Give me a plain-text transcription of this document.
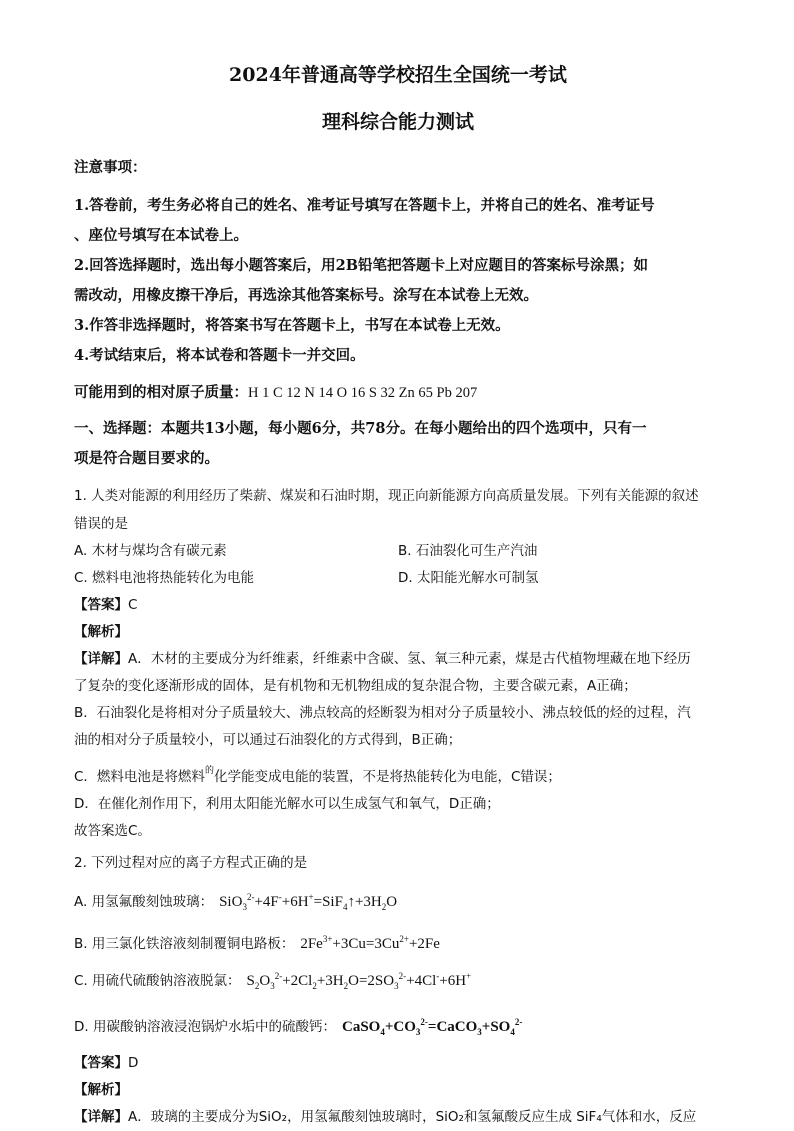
2024年普通高等学校招生全国统一考试
理科综合能力测试
注意事项：
1.答卷前，考生务必将自己的姓名、准考证号填写在答题卡上，并将自己的姓名、准考证号
、座位号填写在本试卷上。
2.回答选择题时，选出每小题答案后，用2B铅笔把答题卡上对应题目的答案标号涂黑；如
需改动，用橡皮擦干净后，再选涂其他答案标号。涂写在本试卷上无效。
3.作答非选择题时，将答案书写在答题卡上，书写在本试卷上无效。
4.考试结束后，将本试卷和答题卡一并交回。
可能用到的相对原子质量：H 1 C 12 N 14 O 16 S 32 Zn 65 Pb 207
一、选择题：本题共13小题，每小题6分，共78分。在每小题给出的四个选项中，只有一
项是符合题目要求的。
1. 人类对能源的利用经历了柴薪、煤炭和石油时期，现正向新能源方向高质量发展。下列有关能源的叙述
错误的是
A. 木材与煤均含有碳元素	B. 石油裂化可生产汽油
C. 燃料电池将热能转化为电能	D. 太阳能光解水可制氢
【答案】C
【解析】
【详解】A．木材的主要成分为纤维素，纤维素中含碳、氢、氧三种元素，煤是古代植物埋藏在地下经历
了复杂的变化逐渐形成的固体，是有机物和无机物组成的复杂混合物，主要含碳元素，A正确；
B．石油裂化是将相对分子质量较大、沸点较高的烃断裂为相对分子质量较小、沸点较低的烃的过程，汽
油的相对分子质量较小，可以通过石油裂化的方式得到，B正确；
C．燃料电池是将燃料$^的$化学能变成电能的装置，不是将热能转化为电能，C错误；
D．在催化剂作用下，利用太阳能光解水可以生成氢气和氧气，D正确；
故答案选C。
2. 下列过程对应的离子方程式正确的是
A. 用氢氟酸刻蚀玻璃： $SiO_3^{2-}+4F^-+6H^+=SiF_4↑+3H_2O$
B. 用三氯化铁溶液刻制覆铜电路板： $2Fe^{3+}+3Cu=3Cu^{2+}+2Fe$
C. 用硫代硫酸钠溶液脱氯： $S_2O_3^{2-}+2Cl_2+3H_2O=2SO_3^{2-}+4Cl^-+6H^+$
D. 用碳酸钠溶液浸泡锅炉水垢中的硫酸钙： $CaSO_4+CO_3^{2-}=CaCO_3+SO_4^{2-}$
【答案】D
【解析】
【详解】A．玻璃的主要成分为SiO₂，用氢氟酸刻蚀玻璃时，SiO₂和氢氟酸反应生成 SiF₄气体和水，反应
